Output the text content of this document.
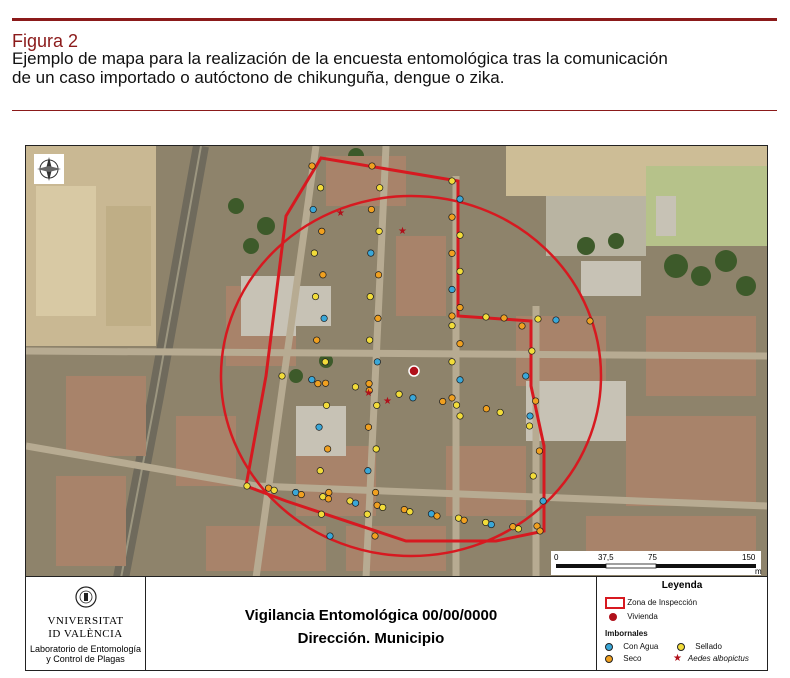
Figura 2
Ejemplo de mapa para la realización de la encuesta entomológica tras la comunicación
de un caso importado o autóctono de chikunguña, dengue o zika.
★
★
★
★
0	37,5	75	150
m
VNIVERSITAT
ID VALÈNCIA
Laboratorio de Entomología
y Control de Plagas
Vigilancia Entomológica 00/00/0000
Dirección. Municipio
Leyenda
Zona de Inspección
Vivienda
Imbornales
Con Agua	Sellado
Seco	★ Aedes albopictus
